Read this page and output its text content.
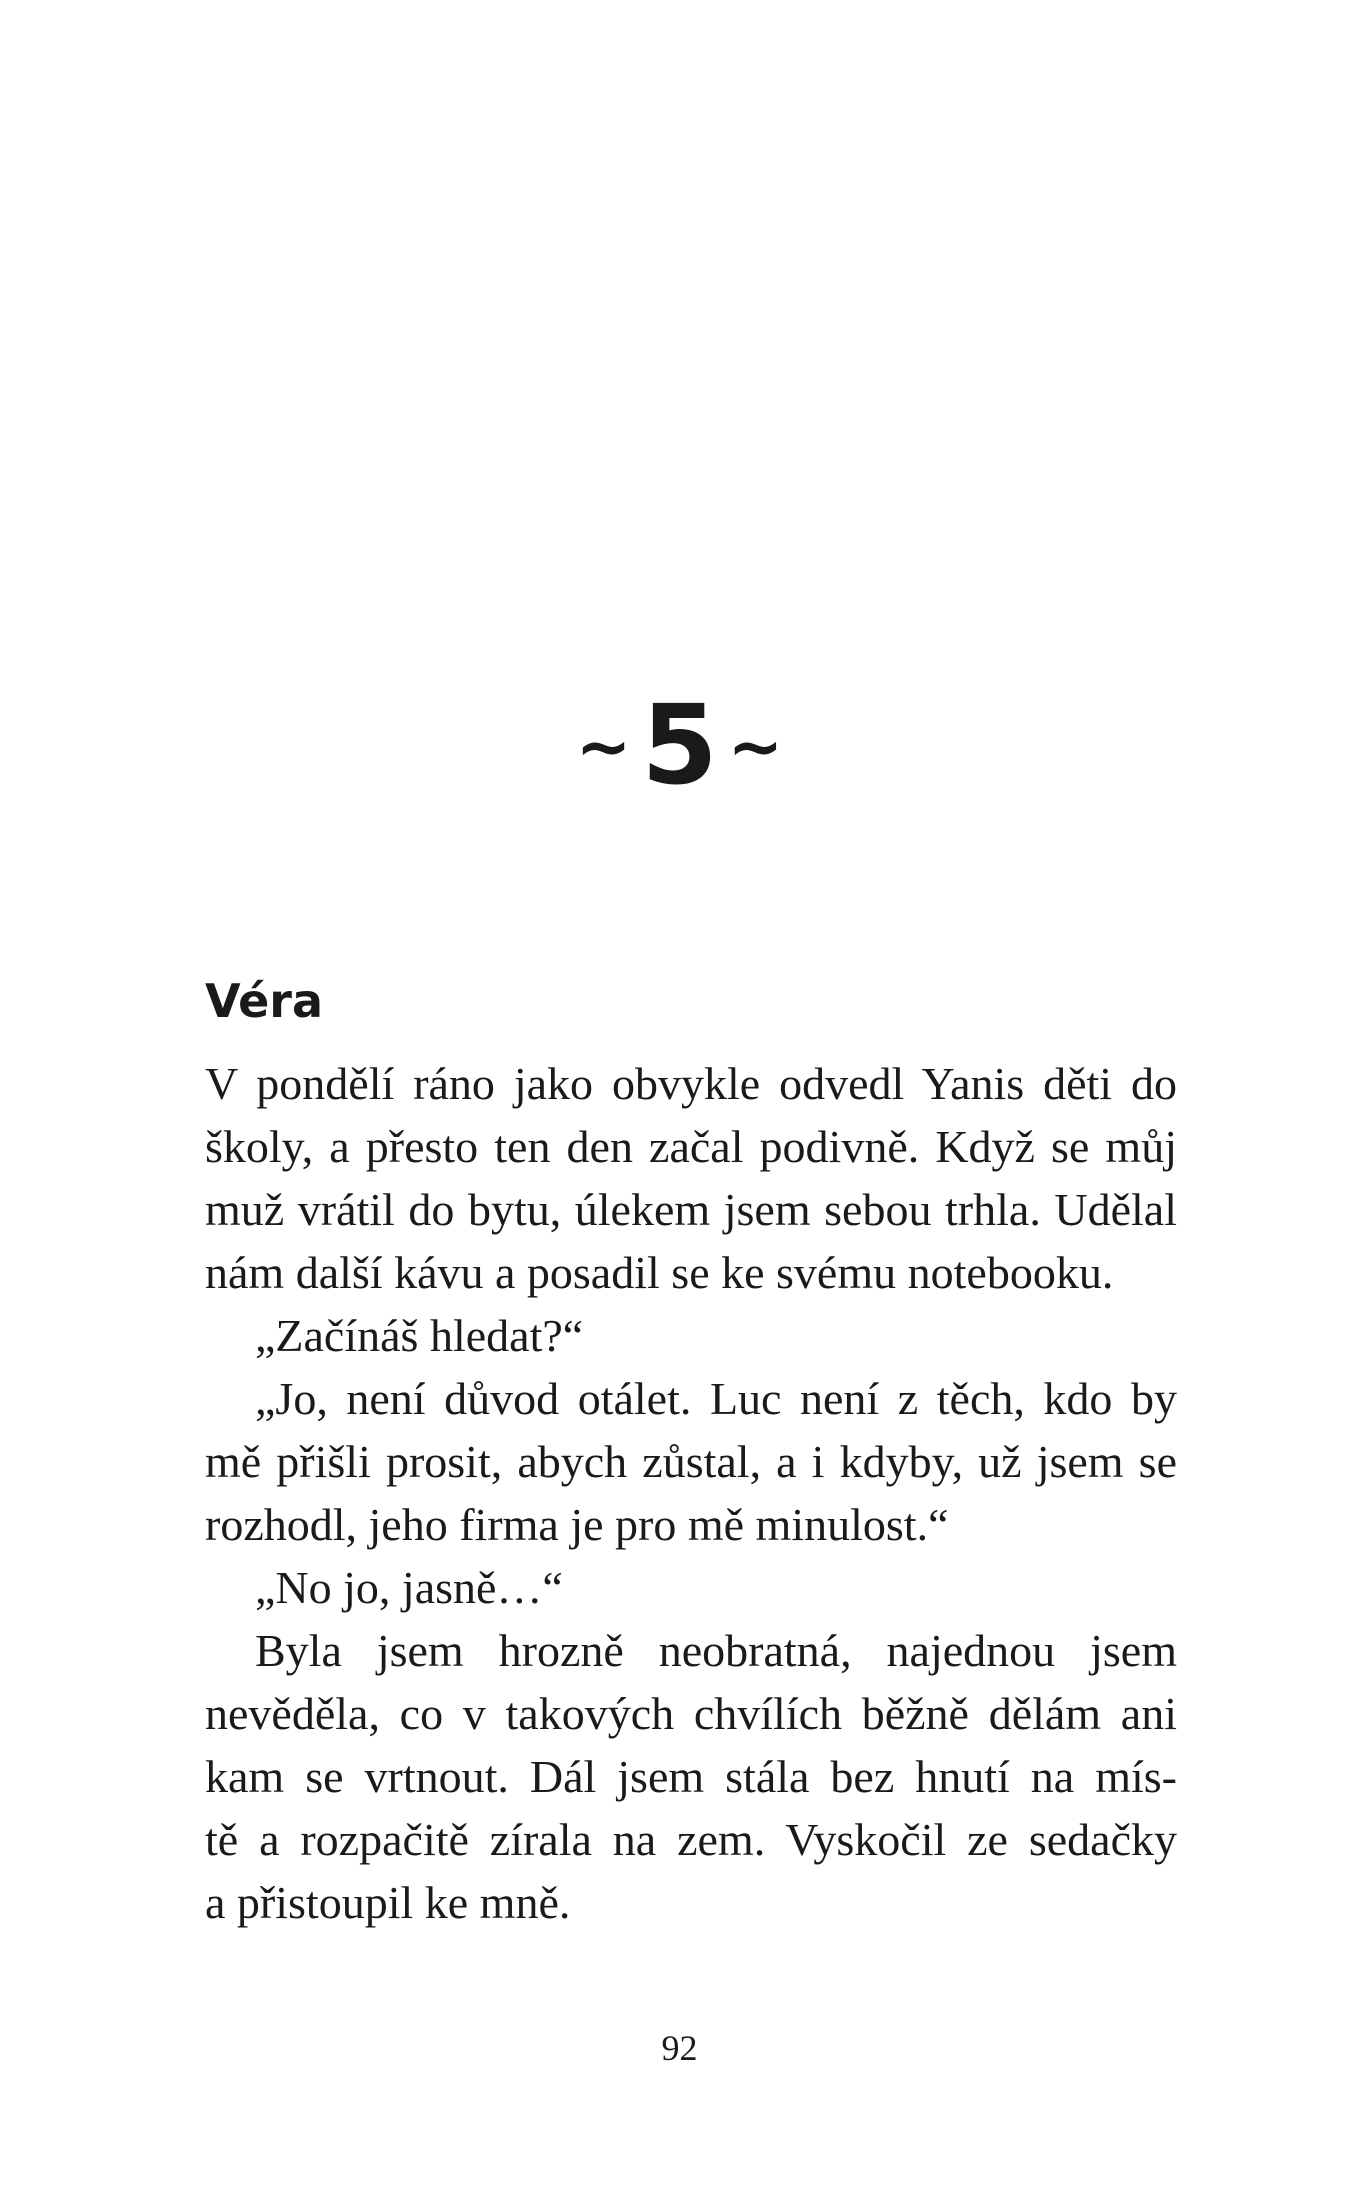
~5 ~
Véra
V pondělí ráno jako obvykle odvedl Yanis děti do
školy, a přesto ten den začal podivně. Když se můj
muž vrátil do bytu, úlekem jsem sebou trhla. Udělal
nám další kávu a posadil se ke svému notebooku.
„Začínáš hledat?“
„Jo, není důvod otálet. Luc není z těch, kdo by
mě přišli prosit, abych zůstal, a i kdyby, už jsem se
rozhodl, jeho firma je pro mě minulost.“
„No jo, jasně…“
Byla jsem hrozně neobratná, najednou jsem
nevěděla, co v takových chvílích běžně dělám ani
kam se vrtnout. Dál jsem stála bez hnutí na mís-
tě a rozpačitě zírala na zem. Vyskočil ze sedačky
a přistoupil ke mně.
92
